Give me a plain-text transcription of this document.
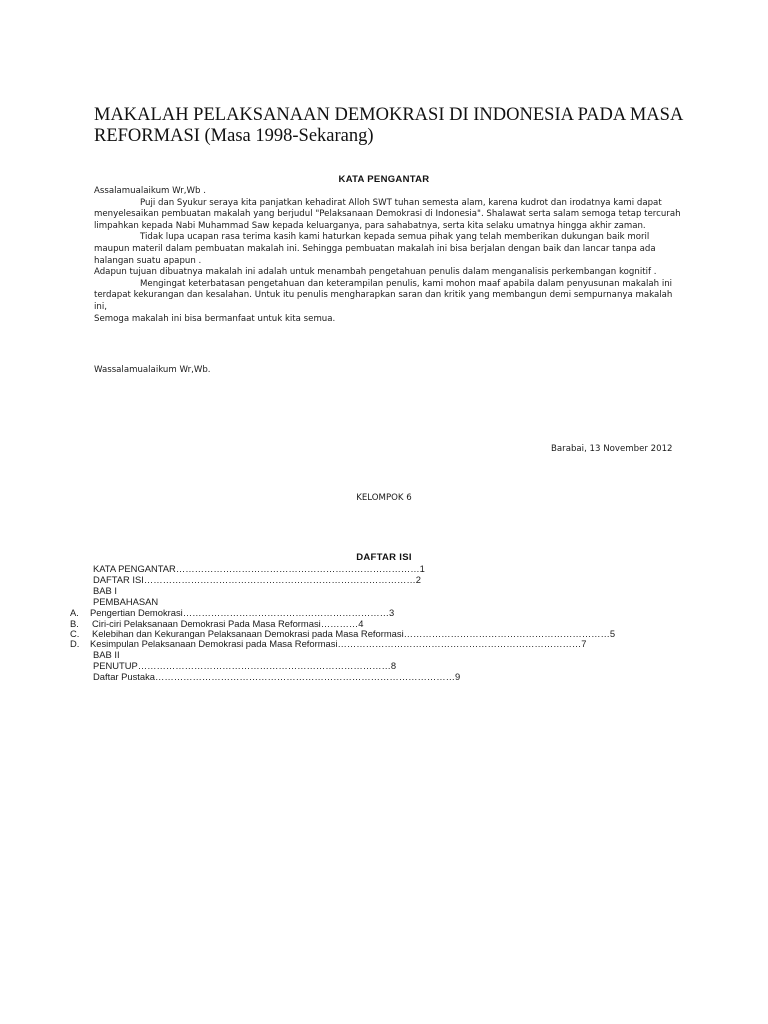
MAKALAH PELAKSANAAN DEMOKRASI DI INDONESIA PADA MASA
REFORMASI (Masa 1998-Sekarang)
KATA PENGANTAR

Assalamualaikum Wr,Wb .

Puji dan Syukur seraya kita panjatkan kehadirat Alloh SWT tuhan semesta alam, karena kudrot dan irodatnya kami dapat menyelesaikan pembuatan makalah yang berjudul "Pelaksanaan Demokrasi di Indonesia". Shalawat serta salam semoga tetap tercurah limpahkan kepada Nabi Muhammad Saw kepada keluarganya, para sahabatnya, serta kita selaku umatnya hingga akhir zaman.

Tidak lupa ucapan rasa terima kasih kami haturkan kepada semua pihak yang telah memberikan dukungan baik moril maupun materil dalam pembuatan makalah ini. Sehingga pembuatan makalah ini bisa berjalan dengan baik dan lancar tanpa ada halangan suatu apapun .

Adapun tujuan dibuatnya makalah ini adalah untuk menambah pengetahuan penulis dalam menganalisis perkembangan kognitif .

Mengingat keterbatasan pengetahuan dan keterampilan penulis, kami mohon maaf apabila dalam penyusunan makalah ini terdapat kekurangan dan kesalahan. Untuk itu penulis mengharapkan saran dan kritik yang membangun demi sempurnanya makalah ini,

Semoga makalah ini bisa bermanfaat untuk kita semua.

Wassalamualaikum Wr,Wb.
Barabai, 13 November 2012
KELOMPOK 6
DAFTAR ISI
KATA PENGANTAR……………………………………………………………………1
DAFTAR ISI……………………………………………………………………………2
BAB I
PEMBAHASAN
A. Pengertian Demokrasi…………………………………………………………3
B. Ciri-ciri Pelaksanaan Demokrasi Pada Masa Reformasi…………4
C. Kelebihan dan Kekurangan Pelaksanaan Demokrasi pada Masa Reformasi…………………………………………………………5
D. Kesimpulan Pelaksanaan Demokrasi pada Masa Reformasi……………………………………………………………………7
BAB II
PENUTUP………………………………………………………………………8
Daftar Pustaka……………………………………………………………………………………9
